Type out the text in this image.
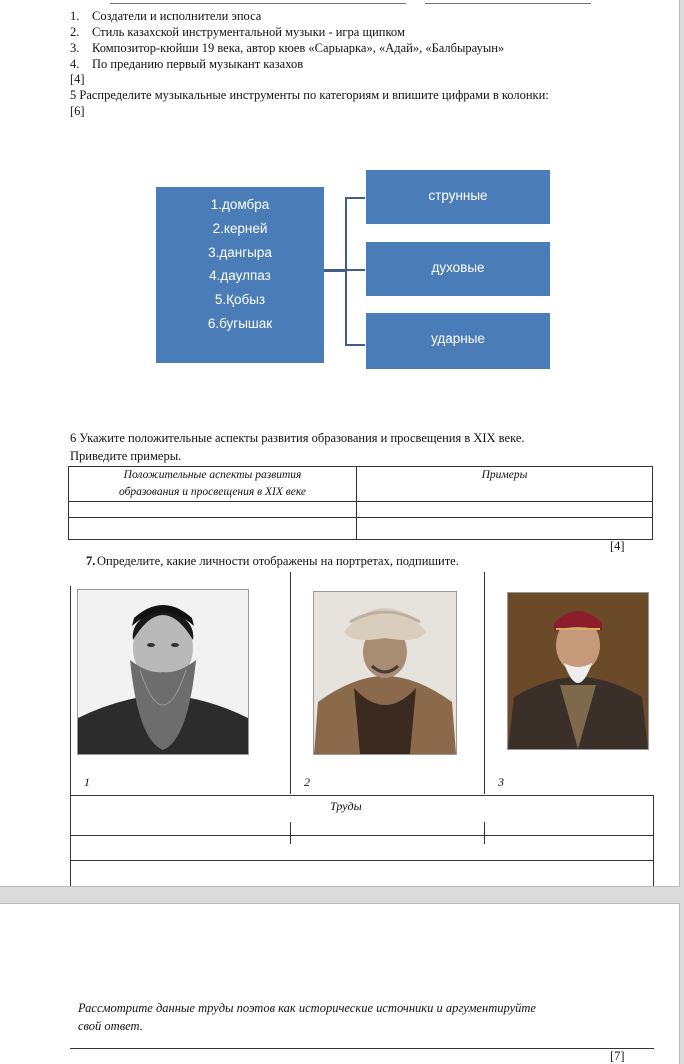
1. Создатели и исполнители эпоса
2. Стиль казахской инструментальной музыки - игра щипком
3. Композитор-кюйши 19 века, автор кюев «Сарыарка», «Адай», «Балбырауын»
4. По преданию первый музыкант казахов
[4]
5 Распределите музыкальные инструменты по категориям и впишите цифрами в колонки:
[6]
1.домбра
2.керней
3.дангыра
4.даулпаз
5.Қобыз
6.бугышак
струнные
духовые
ударные
6 Укажите положительные аспекты развития образования и просвещения в XIX веке.
Приведите примеры.
Положительные аспекты развития
образования и просвещения в XIX веке	Примеры

[4]
7. Определите, какие личности отображены на портретах, подпишите.
1	2	3
Труды
Рассмотрите данные труды поэтов как исторические источники и аргументируйте
свой ответ.
[7]
